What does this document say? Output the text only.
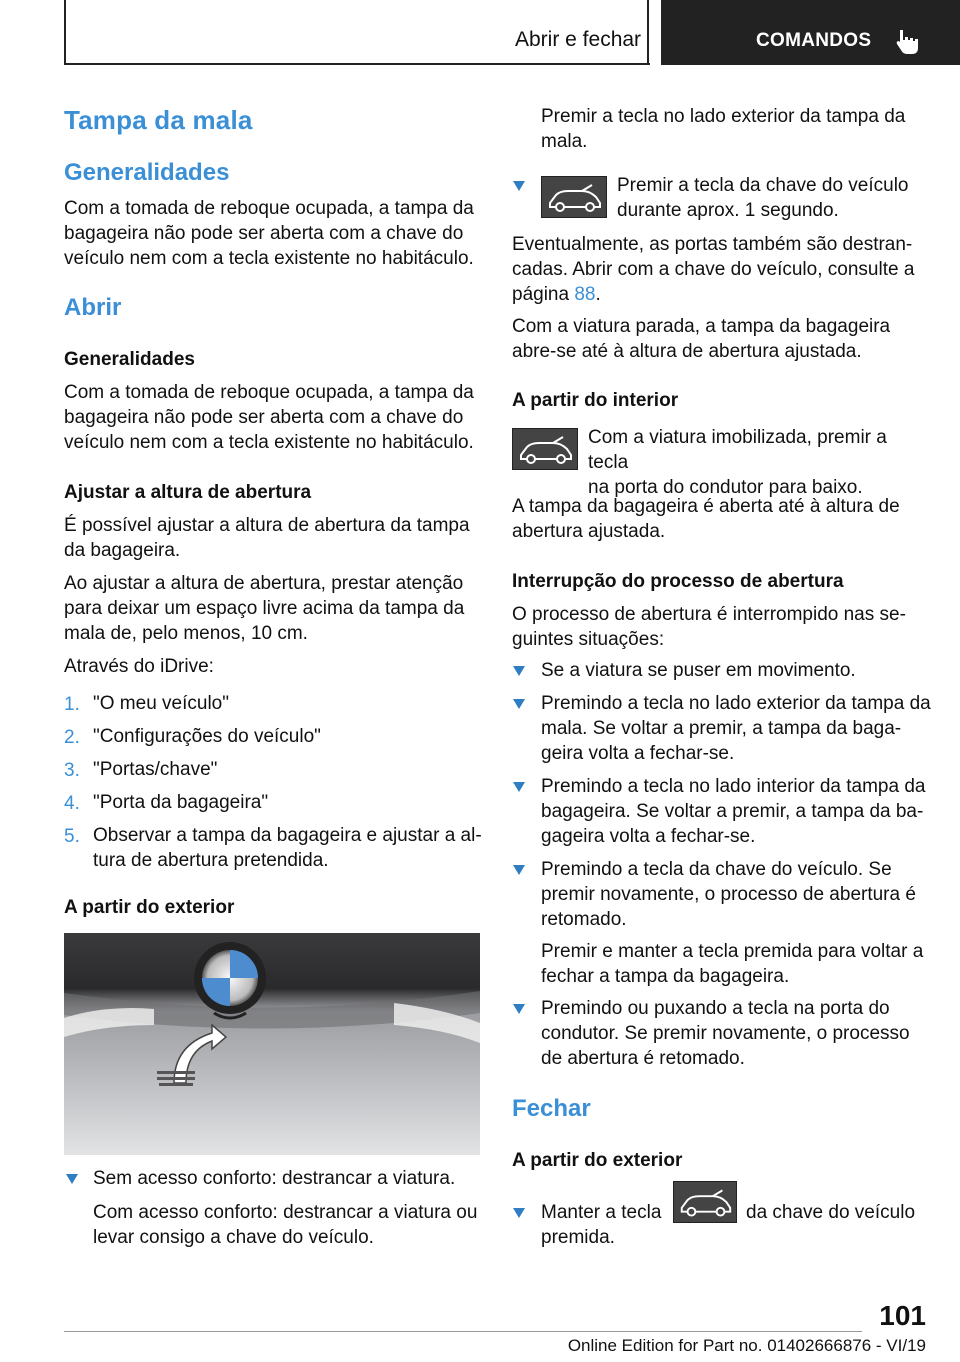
Abrir e fechar	COMANDOS
Tampa da mala
Generalidades
Com a tomada de reboque ocupada, a tampa da
bagageira não pode ser aberta com a chave do
veículo nem com a tecla existente no habitáculo.
Abrir
Generalidades
Com a tomada de reboque ocupada, a tampa da
bagageira não pode ser aberta com a chave do
veículo nem com a tecla existente no habitáculo.
Ajustar a altura de abertura
É possível ajustar a altura de abertura da tampa
da bagageira.
Ao ajustar a altura de abertura, prestar atenção
para deixar um espaço livre acima da tampa da
mala de, pelo menos, 10 cm.
Através do iDrive:
1. "O meu veículo"
2. "Configurações do veículo"
3. "Portas/chave"
4. "Porta da bagageira"
5. Observar a tampa da bagageira e ajustar a al-
tura de abertura pretendida.
A partir do exterior
Sem acesso conforto: destrancar a viatura.
Com acesso conforto: destrancar a viatura ou
levar consigo a chave do veículo.
Premir a tecla no lado exterior da tampa da
mala.
Premir a tecla da chave do veículo
durante aprox. 1 segundo.
Eventualmente, as portas também são destran-
cadas. Abrir com a chave do veículo, consulte a
página 88.
Com a viatura parada, a tampa da bagageira
abre-se até à altura de abertura ajustada.
A partir do interior
Com a viatura imobilizada, premir a tecla
na porta do condutor para baixo.
A tampa da bagageira é aberta até à altura de
abertura ajustada.
Interrupção do processo de abertura
O processo de abertura é interrompido nas se-
guintes situações:
Se a viatura se puser em movimento.
Premindo a tecla no lado exterior da tampa da
mala. Se voltar a premir, a tampa da baga-
geira volta a fechar-se.
Premindo a tecla no lado interior da tampa da
bagageira. Se voltar a premir, a tampa da ba-
gageira volta a fechar-se.
Premindo a tecla da chave do veículo. Se
premir novamente, o processo de abertura é
retomado.
Premir e manter a tecla premida para voltar a
fechar a tampa da bagageira.
Premindo ou puxando a tecla na porta do
condutor. Se premir novamente, o processo
de abertura é retomado.
Fechar
A partir do exterior
Manter a tecla	da chave do veículo
premida.
101
Online Edition for Part no. 01402666876 - VI/19
